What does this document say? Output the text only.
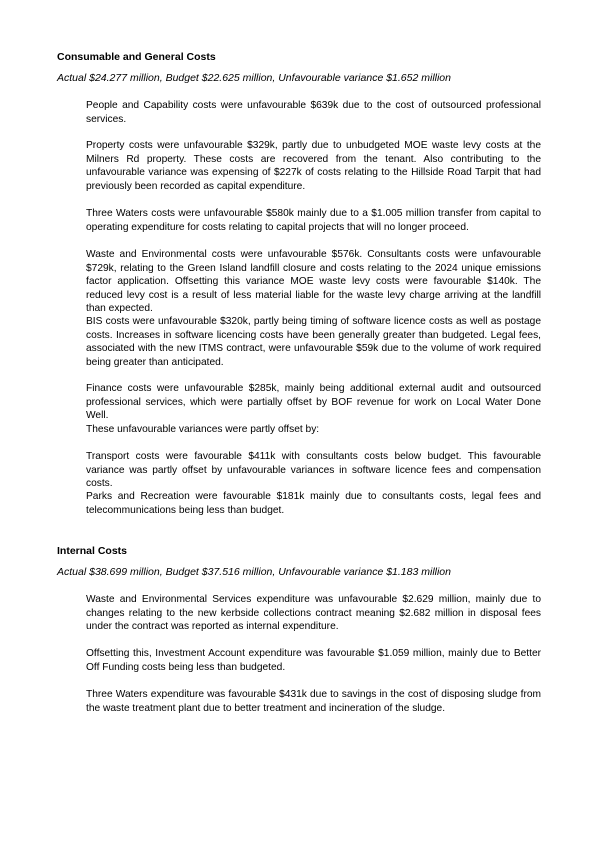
Consumable and General Costs

Actual $24.277 million, Budget $22.625 million, Unfavourable variance $1.652 million

People and Capability costs were unfavourable $639k due to the cost of outsourced professional services.

Property costs were unfavourable $329k, partly due to unbudgeted MOE waste levy costs at the Milners Rd property. These costs are recovered from the tenant. Also contributing to the unfavourable variance was expensing of $227k of costs relating to the Hillside Road Tarpit that had previously been recorded as capital expenditure.

Three Waters costs were unfavourable $580k mainly due to a $1.005 million transfer from capital to operating expenditure for costs relating to capital projects that will no longer proceed.

Waste and Environmental costs were unfavourable $576k. Consultants costs were unfavourable $729k, relating to the Green Island landfill closure and costs relating to the 2024 unique emissions factor application. Offsetting this variance MOE waste levy costs were favourable $140k. The reduced levy cost is a result of less material liable for the waste levy charge arriving at the landfill than expected.

BIS costs were unfavourable $320k, partly being timing of software licence costs as well as postage costs. Increases in software licencing costs have been generally greater than budgeted. Legal fees, associated with the new ITMS contract, were unfavourable $59k due to the volume of work required being greater than anticipated.

Finance costs were unfavourable $285k, mainly being additional external audit and outsourced professional services, which were partially offset by BOF revenue for work on Local Water Done Well.

These unfavourable variances were partly offset by:

Transport costs were favourable $411k with consultants costs below budget. This favourable variance was partly offset by unfavourable variances in software licence fees and compensation costs.

Parks and Recreation were favourable $181k mainly due to consultants costs, legal fees and telecommunications being less than budget.

Internal Costs

Actual $38.699 million, Budget $37.516 million, Unfavourable variance $1.183 million

Waste and Environmental Services expenditure was unfavourable $2.629 million, mainly due to changes relating to the new kerbside collections contract meaning $2.682 million in disposal fees under the contract was reported as internal expenditure.

Offsetting this, Investment Account expenditure was favourable $1.059 million, mainly due to Better Off Funding costs being less than budgeted.

Three Waters expenditure was favourable $431k due to savings in the cost of disposing sludge from the waste treatment plant due to better treatment and incineration of the sludge.
